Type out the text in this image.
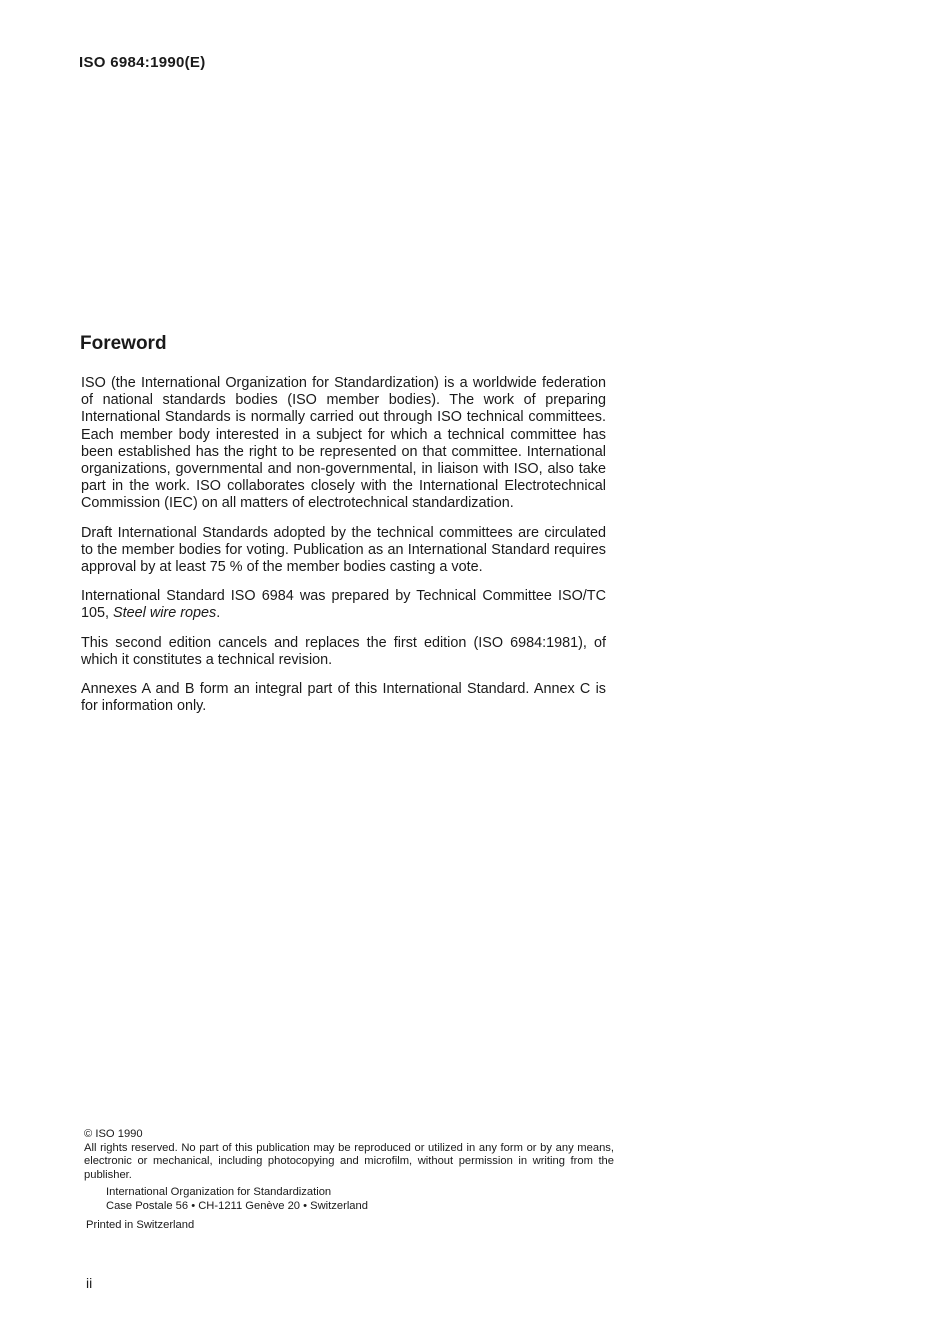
ISO 6984:1990(E)

Foreword

ISO (the International Organization for Standardization) is a worldwide federation of national standards bodies (ISO member bodies). The work of preparing International Standards is normally carried out through ISO technical committees. Each member body interested in a subject for which a technical committee has been established has the right to be represented on that committee. International organizations, governmental and non-governmental, in liaison with ISO, also take part in the work. ISO collaborates closely with the International Electrotechnical Commission (IEC) on all matters of electrotechnical standardization.

Draft International Standards adopted by the technical committees are circulated to the member bodies for voting. Publication as an International Standard requires approval by at least 75 % of the member bodies casting a vote.

International Standard ISO 6984 was prepared by Technical Committee ISO/TC 105, Steel wire ropes.

This second edition cancels and replaces the first edition (ISO 6984:1981), of which it constitutes a technical revision.

Annexes A and B form an integral part of this International Standard. Annex C is for information only.

© ISO 1990

All rights reserved. No part of this publication may be reproduced or utilized in any form or by any means, electronic or mechanical, including photocopying and microfilm, without permission in writing from the publisher.

International Organization for Standardization

Case Postale 56 • CH-1211 Genève 20 • Switzerland

Printed in Switzerland

ii
